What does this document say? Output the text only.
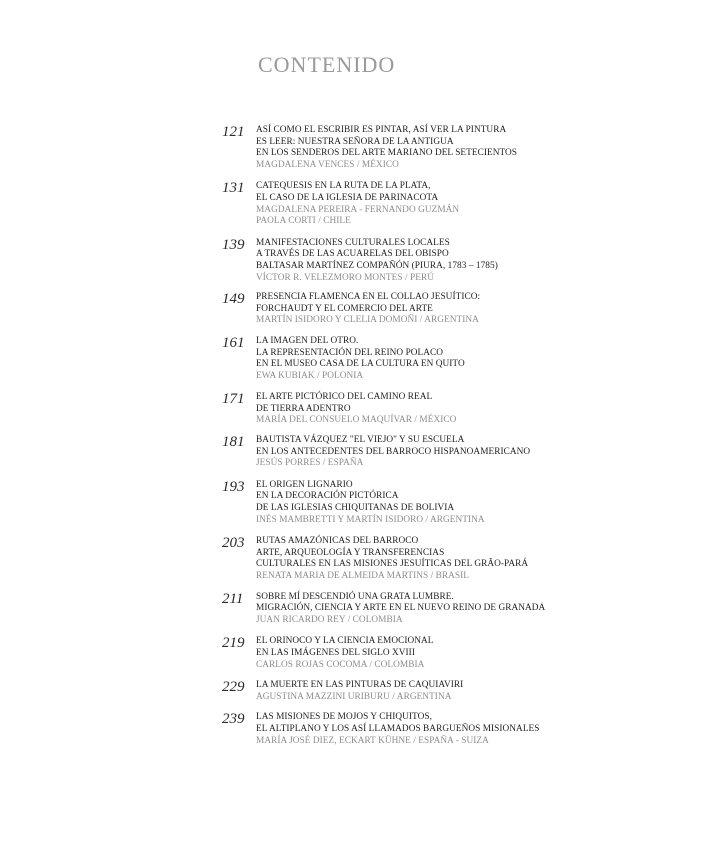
CONTENIDO
121	ASÍ COMO EL ESCRIBIR ES PINTAR, ASÍ VER LA PINTURA
ES LEER: NUESTRA SEÑORA DE LA ANTIGUA
EN LOS SENDEROS DEL ARTE MARIANO DEL SETECIENTOS
MAGDALENA VENCES / MÉXICO
131	CATEQUESIS EN LA RUTA DE LA PLATA,
EL CASO DE LA IGLESIA DE PARINACOTA
MAGDALENA PEREIRA - FERNANDO GUZMÁN
PAOLA CORTI / CHILE
139	MANIFESTACIONES CULTURALES LOCALES
A TRAVÉS DE LAS ACUARELAS DEL OBISPO
BALTASAR MARTÍNEZ COMPAÑÓN (PIURA, 1783 – 1785)
VÍCTOR R. VELEZMORO MONTES / PERÚ
149	PRESENCIA FLAMENCA EN EL COLLAO JESUÍTICO:
FORCHAUDT Y EL COMERCIO DEL ARTE
MARTÍN ISIDORO Y CLELIA DOMOÑI / ARGENTINA
161	LA IMAGEN DEL OTRO.
LA REPRESENTACIÓN DEL REINO POLACO
EN EL MUSEO CASA DE LA CULTURA EN QUITO
EWA KUBIAK / POLONIA
171	EL ARTE PICTÓRICO DEL CAMINO REAL
DE TIERRA ADENTRO
MARÍA DEL CONSUELO MAQUÍVAR / MÉXICO
181	BAUTISTA VÁZQUEZ "EL VIEJO" Y SU ESCUELA
EN LOS ANTECEDENTES DEL BARROCO HISPANOAMERICANO
JESÚS PORRES / ESPAÑA
193	EL ORIGEN LIGNARIO
EN LA DECORACIÓN PICTÓRICA
DE LAS IGLESIAS CHIQUITANAS DE BOLIVIA
INÉS MAMBRETTI Y MARTÍN ISIDORO / ARGENTINA
203	RUTAS AMAZÓNICAS DEL BARROCO
ARTE, ARQUEOLOGÍA Y TRANSFERENCIAS
CULTURALES EN LAS MISIONES JESUÍTICAS DEL GRÃO-PARÁ
RENATA MARIA DE ALMEIDA MARTINS / BRASIL
211	SOBRE MÍ DESCENDIÓ UNA GRATA LUMBRE.
MIGRACIÓN, CIENCIA Y ARTE EN EL NUEVO REINO DE GRANADA
JUAN RICARDO REY / COLOMBIA
219	EL ORINOCO Y LA CIENCIA EMOCIONAL
EN LAS IMÁGENES DEL SIGLO XVIII
CARLOS ROJAS COCOMA / COLOMBIA
229	LA MUERTE EN LAS PINTURAS DE CAQUIAVIRI
AGUSTINA MAZZINI URIBURU / ARGENTINA
239	LAS MISIONES DE MOJOS Y CHIQUITOS,
EL ALTIPLANO Y LOS ASÍ LLAMADOS BARGUEÑOS MISIONALES
MARÍA JOSÉ DIEZ, ECKART KÜHNE / ESPAÑA - SUIZA
